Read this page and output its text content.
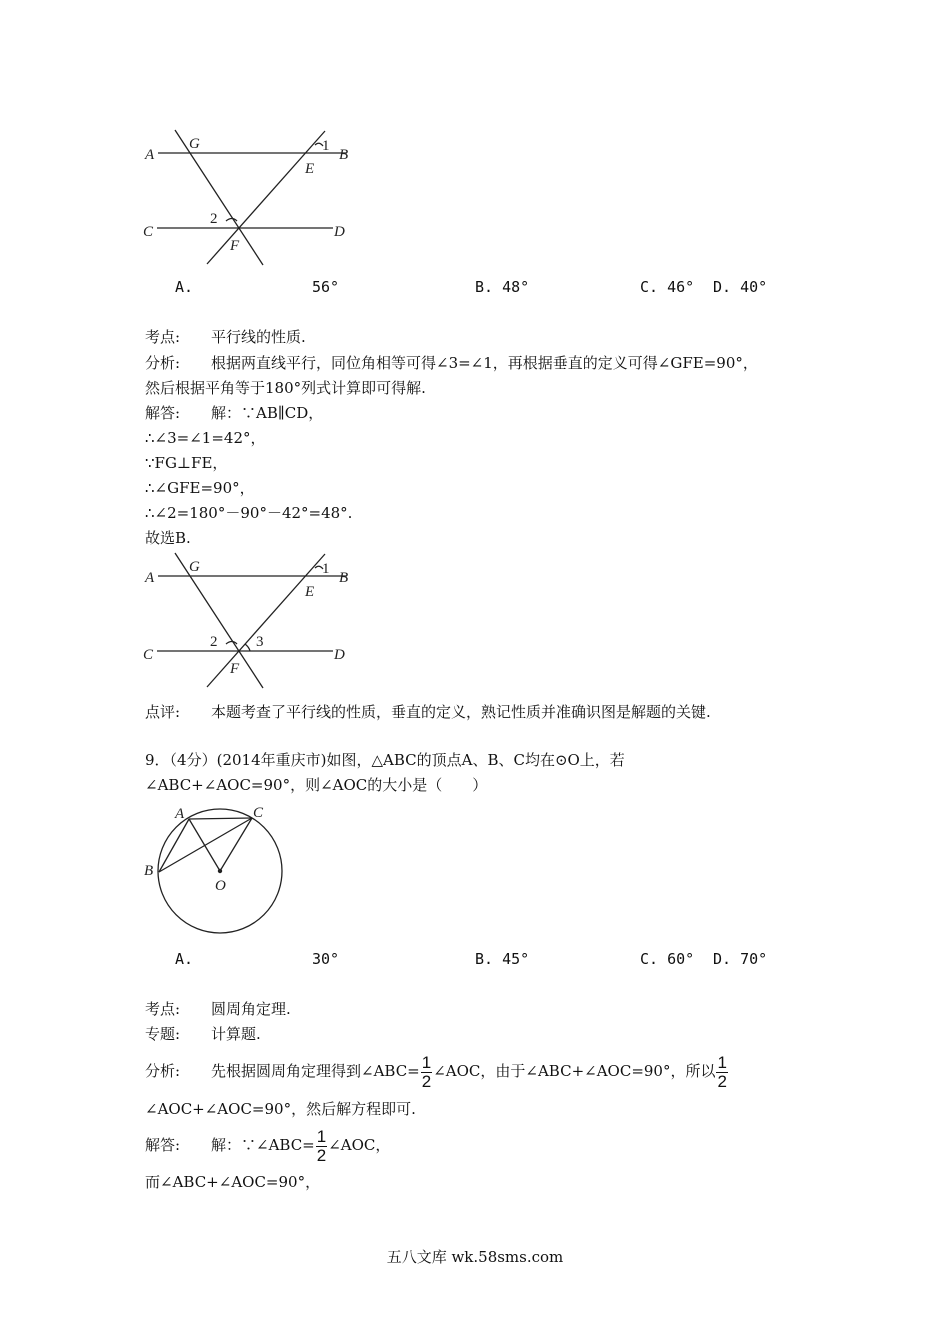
A
G
B
1
E
C	D
2
F
A.	56°	B. 48°	C. 46° D. 40°
考点: 平行线的性质.
分析: 根据两直线平行，同位角相等可得∠3=∠1，再根据垂直的定义可得∠GFE=90°，
然后根据平角等于180°列式计算即可得解.
解答: 解：∵AB∥CD，
∴∠3=∠1=42°，
∵FG⊥FE，
∴∠GFE=90°，
∴∠2=180°－90°－42°=48°.
故选B.
A
G
B
1
E
C	D
2	3
F
点评: 本题考查了平行线的性质，垂直的定义，熟记性质并准确识图是解题的关键.
9．（4分）(2014年重庆市)如图，△ABC的顶点A、B、C均在⊙O上，若
∠ABC+∠AOC=90°，则∠AOC的大小是（　　）
A	C
B
O
A.	30°	B. 45°	C. 60° D. 70°
考点: 圆周角定理.
专题: 计算题.
分析: 先根据圆周角定理得到∠ABC= $\frac{1}{2}$ ∠AOC，由于∠ABC+∠AOC=90°，所以 $\frac{1}{2}$
∠AOC+∠AOC=90°，然后解方程即可.
解答: 解：∵∠ABC= $\frac{1}{2}$ ∠AOC，
而∠ABC+∠AOC=90°，
五八文库 wk.58sms.com
